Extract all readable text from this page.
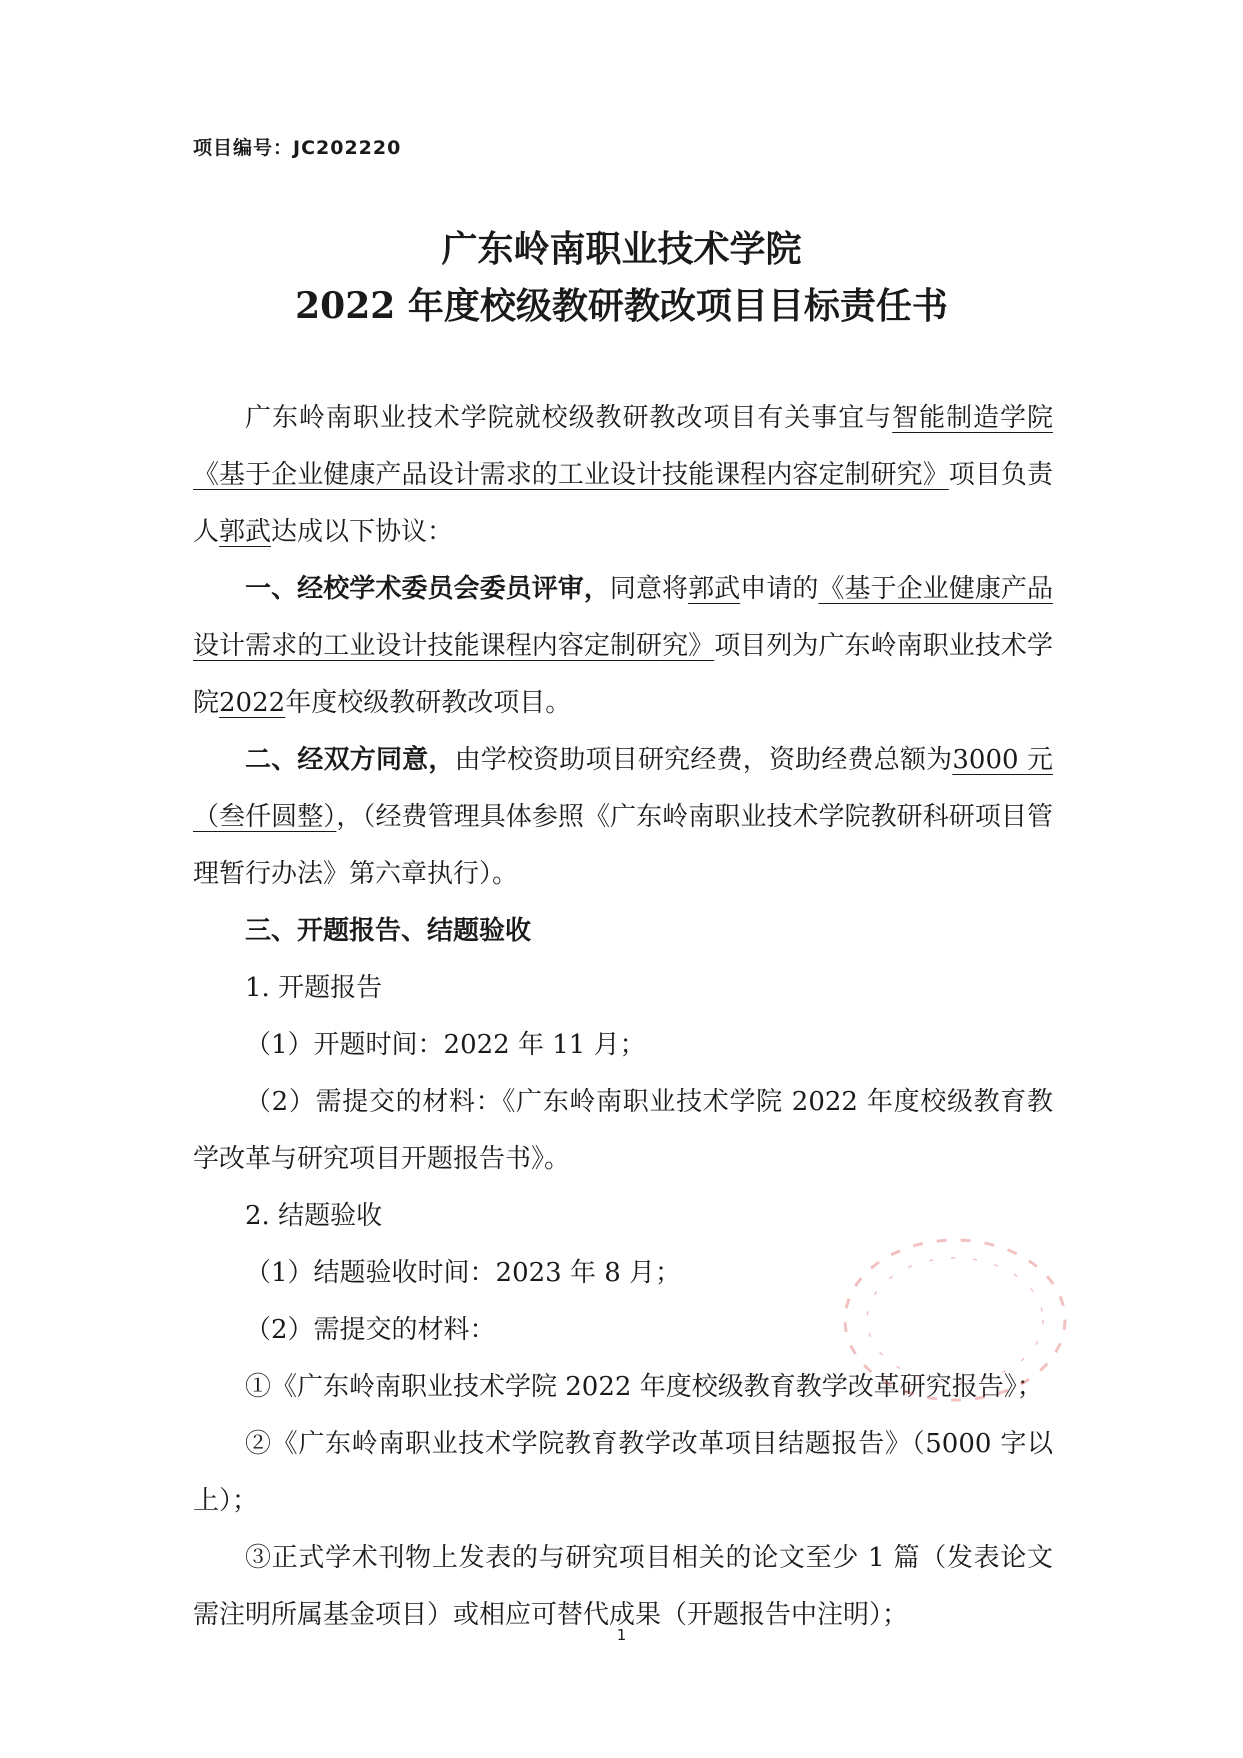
项目编号：JC202220
广东岭南职业技术学院
2022 年度校级教研教改项目目标责任书

广东岭南职业技术学院就校级教研教改项目有关事宜与智能制造学院《基于企业健康产品设计需求的工业设计技能课程内容定制研究》项目负责人郭武达成以下协议：

一、经校学术委员会委员评审，同意将郭武申请的《基于企业健康产品设计需求的工业设计技能课程内容定制研究》项目列为广东岭南职业技术学院2022年度校级教研教改项目。

二、经双方同意，由学校资助项目研究经费，资助经费总额为3000 元（叁仟圆整），（经费管理具体参照《广东岭南职业技术学院教研科研项目管理暂行办法》第六章执行）。

三、开题报告、结题验收

1. 开题报告

（1）开题时间：2022 年 11 月；

（2）需提交的材料：《广东岭南职业技术学院 2022 年度校级教育教学改革与研究项目开题报告书》。

2. 结题验收

（1）结题验收时间：2023 年 8 月；

（2）需提交的材料：

①《广东岭南职业技术学院 2022 年度校级教育教学改革研究报告》；

②《广东岭南职业技术学院教育教学改革项目结题报告》（5000 字以上）；

③正式学术刊物上发表的与研究项目相关的论文至少 1 篇（发表论文需注明所属基金项目）或相应可替代成果（开题报告中注明）；

1
